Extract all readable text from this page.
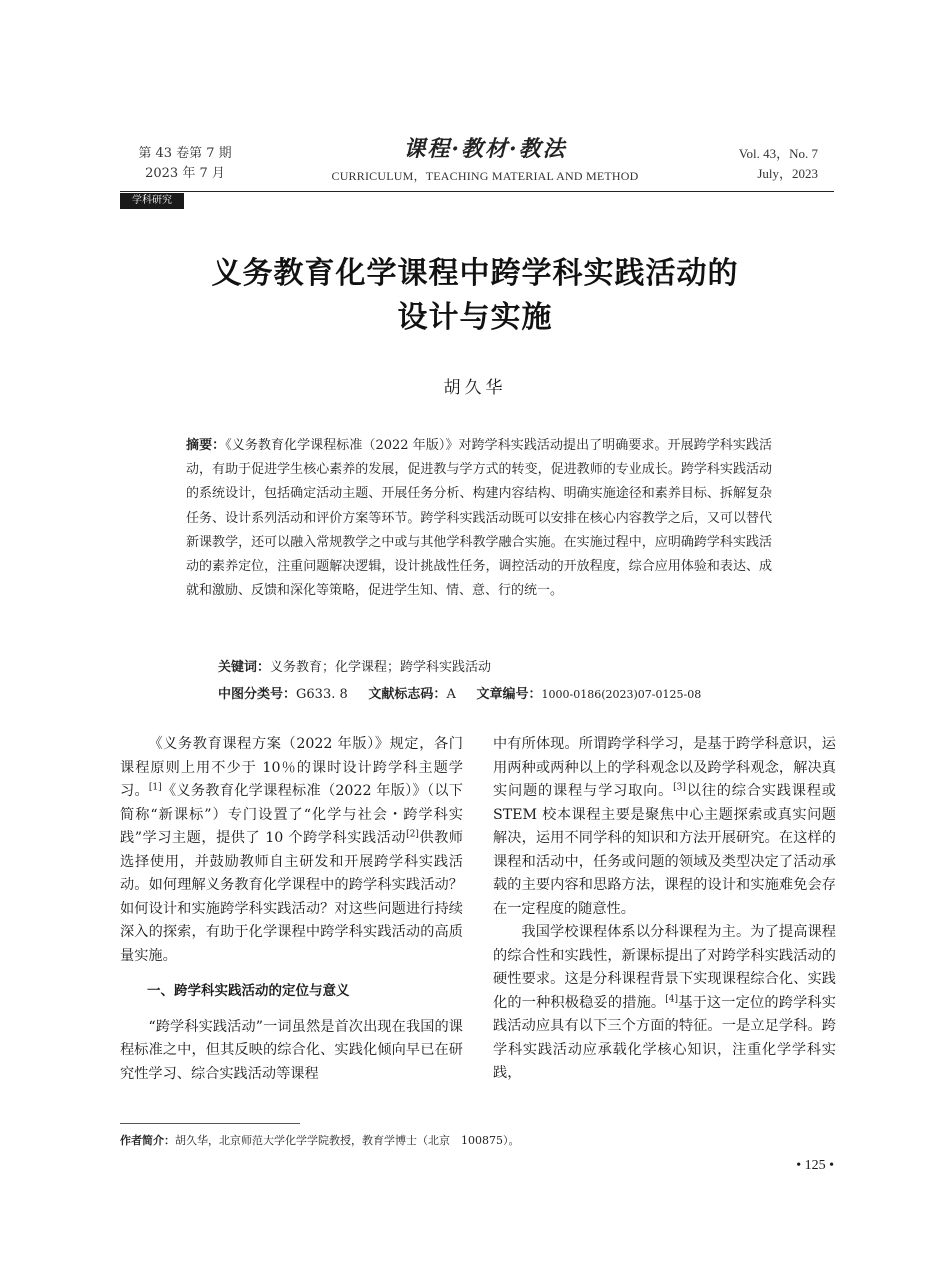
第 43 卷第 7 期
2023 年 7 月
课程·教材·教法
CURRICULUM，TEACHING MATERIAL AND METHOD
Vol. 43，No. 7
July，2023
学科研究
义务教育化学课程中跨学科实践活动的
设计与实施
胡久华
摘要：《义务教育化学课程标准（2022 年版）》对跨学科实践活动提出了明确要求。开展跨学科实践活动，有助于促进学生核心素养的发展，促进教与学方式的转变，促进教师的专业成长。跨学科实践活动的系统设计，包括确定活动主题、开展任务分析、构建内容结构、明确实施途径和素养目标、拆解复杂任务、设计系列活动和评价方案等环节。跨学科实践活动既可以安排在核心内容教学之后，又可以替代新课教学，还可以融入常规教学之中或与其他学科教学融合实施。在实施过程中，应明确跨学科实践活动的素养定位，注重问题解决逻辑，设计挑战性任务，调控活动的开放程度，综合应用体验和表达、成就和激励、反馈和深化等策略，促进学生知、情、意、行的统一。
关键词：义务教育；化学课程；跨学科实践活动
中图分类号：G633. 8 文献标志码：A 文章编号：1000-0186(2023)07-0125-08

《义务教育课程方案（2022 年版）》规定，各门课程原则上用不少于 10％的课时设计跨学科主题学习。[1]《义务教育化学课程标准（2022 年版）》（以下简称“新课标”）专门设置了“化学与社会・跨学科实践”学习主题，提供了 10 个跨学科实践活动[2]供教师选择使用，并鼓励教师自主研发和开展跨学科实践活动。如何理解义务教育化学课程中的跨学科实践活动？如何设计和实施跨学科实践活动？对这些问题进行持续深入的探索，有助于化学课程中跨学科实践活动的高质量实施。

一、跨学科实践活动的定位与意义

“跨学科实践活动”一词虽然是首次出现在我国的课程标准之中，但其反映的综合化、实践化倾向早已在研究性学习、综合实践活动等课程

中有所体现。所谓跨学科学习，是基于跨学科意识，运用两种或两种以上的学科观念以及跨学科观念，解决真实问题的课程与学习取向。[3]以往的综合实践课程或 STEM 校本课程主要是聚焦中心主题探索或真实问题解决，运用不同学科的知识和方法开展研究。在这样的课程和活动中，任务或问题的领域及类型决定了活动承载的主要内容和思路方法，课程的设计和实施难免会存在一定程度的随意性。

我国学校课程体系以分科课程为主。为了提高课程的综合性和实践性，新课标提出了对跨学科实践活动的硬性要求。这是分科课程背景下实现课程综合化、实践化的一种积极稳妥的措施。[4]基于这一定位的跨学科实践活动应具有以下三个方面的特征。一是立足学科。跨学科实践活动应承载化学核心知识，注重化学学科实践，

作者简介：胡久华，北京师范大学化学学院教授，教育学博士（北京　100875）。
• 125 •
